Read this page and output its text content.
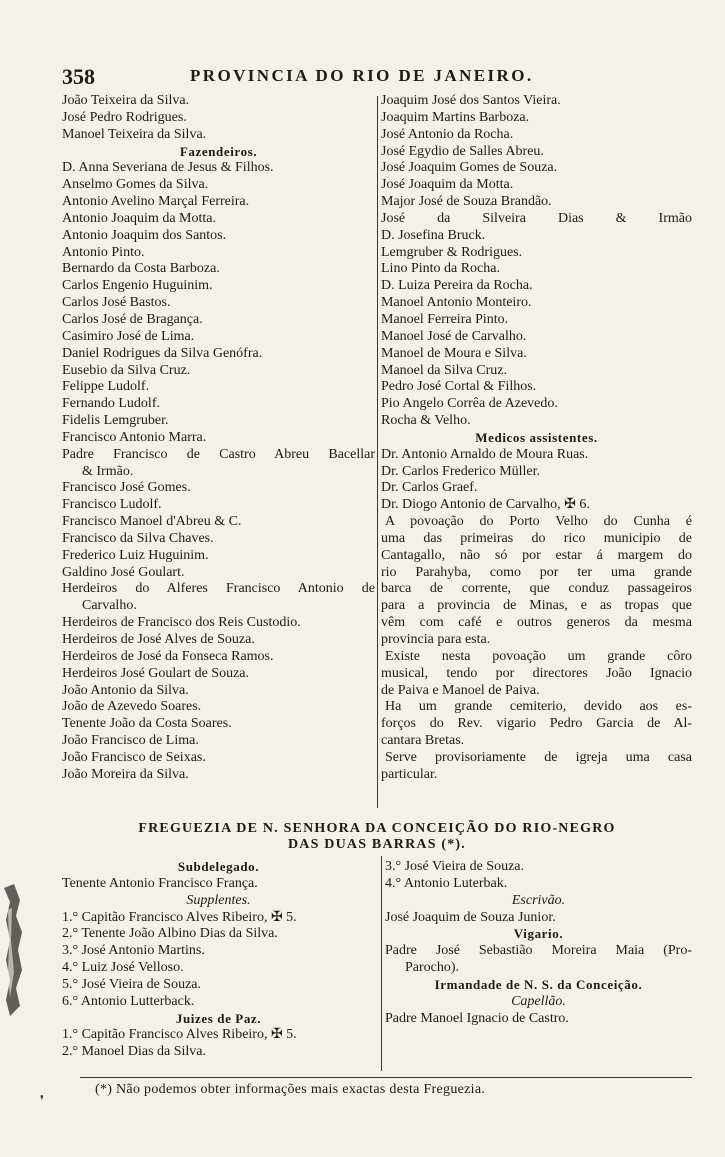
358	PROVINCIA DO RIO DE JANEIRO.
João Teixeira da Silva.
José Pedro Rodrigues.
Manoel Teixeira da Silva.
Fazendeiros.
D. Anna Severiana de Jesus & Filhos.
Anselmo Gomes da Silva.
Antonio Avelino Marçal Ferreira.
Antonio Joaquim da Motta.
Antonio Joaquim dos Santos.
Antonio Pinto.
Bernardo da Costa Barboza.
Carlos Engenio Huguinim.
Carlos José Bastos.
Carlos José de Bragança.
Casimiro José de Lima.
Daniel Rodrigues da Silva Genófra.
Eusebio da Silva Cruz.
Felippe Ludolf.
Fernando Ludolf.
Fidelis Lemgruber.
Francisco Antonio Marra.
Padre Francisco de Castro Abreu Bacellar
& Irmão.
Francisco José Gomes.
Francisco Ludolf.
Francisco Manoel d'Abreu & C.
Francisco da Silva Chaves.
Frederico Luiz Huguinim.
Galdino José Goulart.
Herdeiros do Alferes Francisco Antonio de
Carvalho.
Herdeiros de Francisco dos Reis Custodio.
Herdeiros de José Alves de Souza.
Herdeiros de José da Fonseca Ramos.
Herdeiros José Goulart de Souza.
João Antonio da Silva.
João de Azevedo Soares.
Tenente João da Costa Soares.
João Francisco de Lima.
João Francisco de Seixas.
João Moreira da Silva.
Joaquim José dos Santos Vieira.
Joaquim Martins Barboza.
José Antonio da Rocha.
José Egydio de Salles Abreu.
José Joaquim Gomes de Souza.
José Joaquim da Motta.
Major José de Souza Brandão.
José da Silveira Dias & Irmão
D. Josefina Bruck.
Lemgruber & Rodrigues.
Lino Pinto da Rocha.
D. Luiza Pereira da Rocha.
Manoel Antonio Monteiro.
Manoel Ferreira Pinto.
Manoel José de Carvalho.
Manoel de Moura e Silva.
Manoel da Silva Cruz.
Pedro José Cortal & Filhos.
Pio Angelo Corrêa de Azevedo.
Rocha & Velho.
Medicos assistentes.
Dr. Antonio Arnaldo de Moura Ruas.
Dr. Carlos Frederico Müller.
Dr. Carlos Graef.
Dr. Diogo Antonio de Carvalho, ✠ 6.
A povoação do Porto Velho do Cunha é
uma das primeiras do rico municipio de
Cantagallo, não só por estar á margem do
rio Parahyba, como por ter uma grande
barca de corrente, que conduz passageiros
para a provincia de Minas, e as tropas que
vêm com café e outros generos da mesma
provincia para esta.
Existe nesta povoação um grande côro
musical, tendo por directores João Ignacio
de Paiva e Manoel de Paiva.
Ha um grande cemiterio, devido aos es-
forços do Rev. vigario Pedro Garcia de Al-
cantara Bretas.
Serve provisoriamente de igreja uma casa
particular.
FREGUEZIA DE N. SENHORA DA CONCEIÇÃO DO RIO-NEGRO
DAS DUAS BARRAS (*).
Subdelegado.
Tenente Antonio Francisco França.
Supplentes.
1.° Capitão Francisco Alves Ribeiro, ✠ 5.
2.° Tenente João Albino Dias da Silva.
3.° José Antonio Martins.
4.° Luiz José Velloso.
5.° José Vieira de Souza.
6.° Antonio Lutterback.
Juizes de Paz.
1.° Capitão Francisco Alves Ribeiro, ✠ 5.
2.° Manoel Dias da Silva.
3.° José Vieira de Souza.
4.° Antonio Luterbak.
Escrivão.
José Joaquim de Souza Junior.
Vigario.
Padre José Sebastião Moreira Maia (Pro-
Parocho).
Irmandade de N. S. da Conceição.
Capellão.
Padre Manoel Ignacio de Castro.
(*) Não podemos obter informações mais exactas desta Freguezia.
❜
